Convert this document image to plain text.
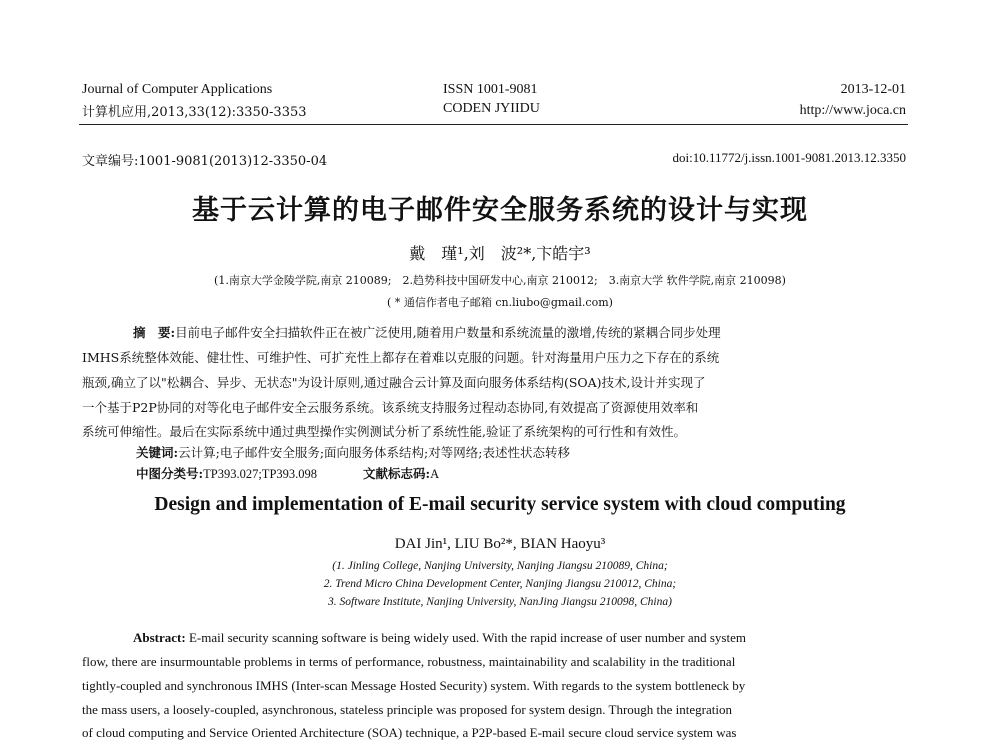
Journal of Computer Applications
计算机应用,2013,33(12):3350-3353
ISSN 1001-9081
CODEN JYIIDU
2013-12-01
http://www.joca.cn
文章编号:1001-9081(2013)12-3350-04	doi:10.11772/j.issn.1001-9081.2013.12.3350
基于云计算的电子邮件安全服务系统的设计与实现
戴　瑾¹,刘　波²*,卞皓宇³
(1.南京大学金陵学院,南京 210089;　2.趋势科技中国研发中心,南京 210012;　3.南京大学 软件学院,南京 210098)
( * 通信作者电子邮箱 cn.liubo@gmail.com)
摘　要:目前电子邮件安全扫描软件正在被广泛使用,随着用户数量和系统流量的激增,传统的紧耦合同步处理
IMHS系统整体效能、健壮性、可维护性、可扩充性上都存在着难以克服的问题。针对海量用户压力之下存在的系统
瓶颈,确立了以"松耦合、异步、无状态"为设计原则,通过融合云计算及面向服务体系结构(SOA)技术,设计并实现了
一个基于P2P协同的对等化电子邮件安全云服务系统。该系统支持服务过程动态协同,有效提高了资源使用效率和
系统可伸缩性。最后在实际系统中通过典型操作实例测试分析了系统性能,验证了系统架构的可行性和有效性。
关键词:云计算;电子邮件安全服务;面向服务体系结构;对等网络;表述性状态转移
中图分类号:TP393.027;TP393.098	文献标志码:A
Design and implementation of E-mail security service system with cloud computing
DAI Jin¹, LIU Bo²*, BIAN Haoyu³
(1. Jinling College, Nanjing University, Nanjing Jiangsu 210089, China;
2. Trend Micro China Development Center, Nanjing Jiangsu 210012, China;
3. Software Institute, Nanjing University, NanJing Jiangsu 210098, China)
Abstract: E-mail security scanning software is being widely used. With the rapid increase of user number and system
flow, there are insurmountable problems in terms of performance, robustness, maintainability and scalability in the traditional
tightly-coupled and synchronous IMHS (Inter-scan Message Hosted Security) system. With regards to the system bottleneck by
the mass users, a loosely-coupled, asynchronous, stateless principle was proposed for system design. Through the integration
of cloud computing and Service Oriented Architecture (SOA) technique, a P2P-based E-mail secure cloud service system was
